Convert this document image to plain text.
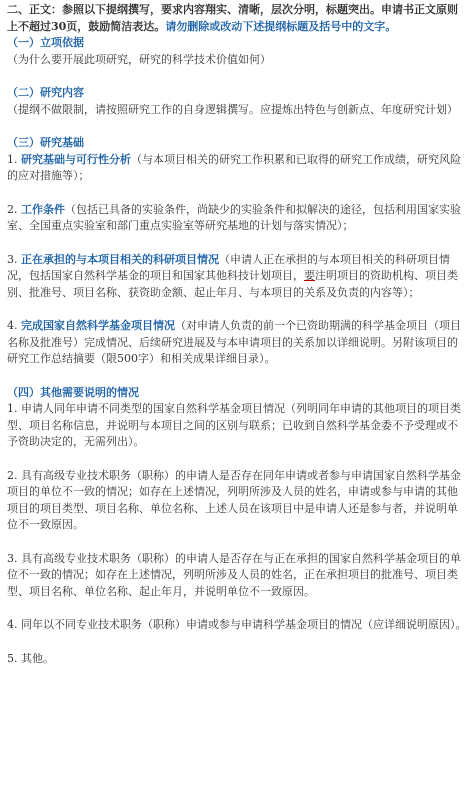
二、正文：参照以下提纲撰写，要求内容翔实、清晰，层次分明，标题突出。申请书正文原则上不超过30页，鼓励简洁表达。请勿删除或改动下述提纲标题及括号中的文字。

（一）立项依据

（为什么要开展此项研究，研究的科学技术价值如何）

（二）研究内容

（提纲不做限制，请按照研究工作的自身逻辑撰写。应提炼出特色与创新点、年度研究计划）

（三）研究基础

1. 研究基础与可行性分析（与本项目相关的研究工作积累和已取得的研究工作成绩，研究风险的应对措施等）；

2. 工作条件（包括已具备的实验条件，尚缺少的实验条件和拟解决的途径，包括利用国家实验室、全国重点实验室和部门重点实验室等研究基地的计划与落实情况）；

3. 正在承担的与本项目相关的科研项目情况（申请人正在承担的与本项目相关的科研项目情况，包括国家自然科学基金的项目和国家其他科技计划项目，要注明项目的资助机构、项目类别、批准号、项目名称、获资助金额、起止年月、与本项目的关系及负责的内容等）；

4. 完成国家自然科学基金项目情况（对申请人负责的前一个已资助期满的科学基金项目（项目名称及批准号）完成情况、后续研究进展及与本申请项目的关系加以详细说明。另附该项目的研究工作总结摘要（限500字）和相关成果详细目录）。

（四）其他需要说明的情况

1. 申请人同年申请不同类型的国家自然科学基金项目情况（列明同年申请的其他项目的项目类型、项目名称信息，并说明与本项目之间的区别与联系；已收到自然科学基金委不予受理或不予资助决定的，无需列出）。

2. 具有高级专业技术职务（职称）的申请人是否存在同年申请或者参与申请国家自然科学基金项目的单位不一致的情况；如存在上述情况，列明所涉及人员的姓名，申请或参与申请的其他项目的项目类型、项目名称、单位名称、上述人员在该项目中是申请人还是参与者，并说明单位不一致原因。

3. 具有高级专业技术职务（职称）的申请人是否存在与正在承担的国家自然科学基金项目的单位不一致的情况；如存在上述情况，列明所涉及人员的姓名，正在承担项目的批准号、项目类型、项目名称、单位名称、起止年月，并说明单位不一致原因。

4. 同年以不同专业技术职务（职称）申请或参与申请科学基金项目的情况（应详细说明原因）。

5. 其他。
